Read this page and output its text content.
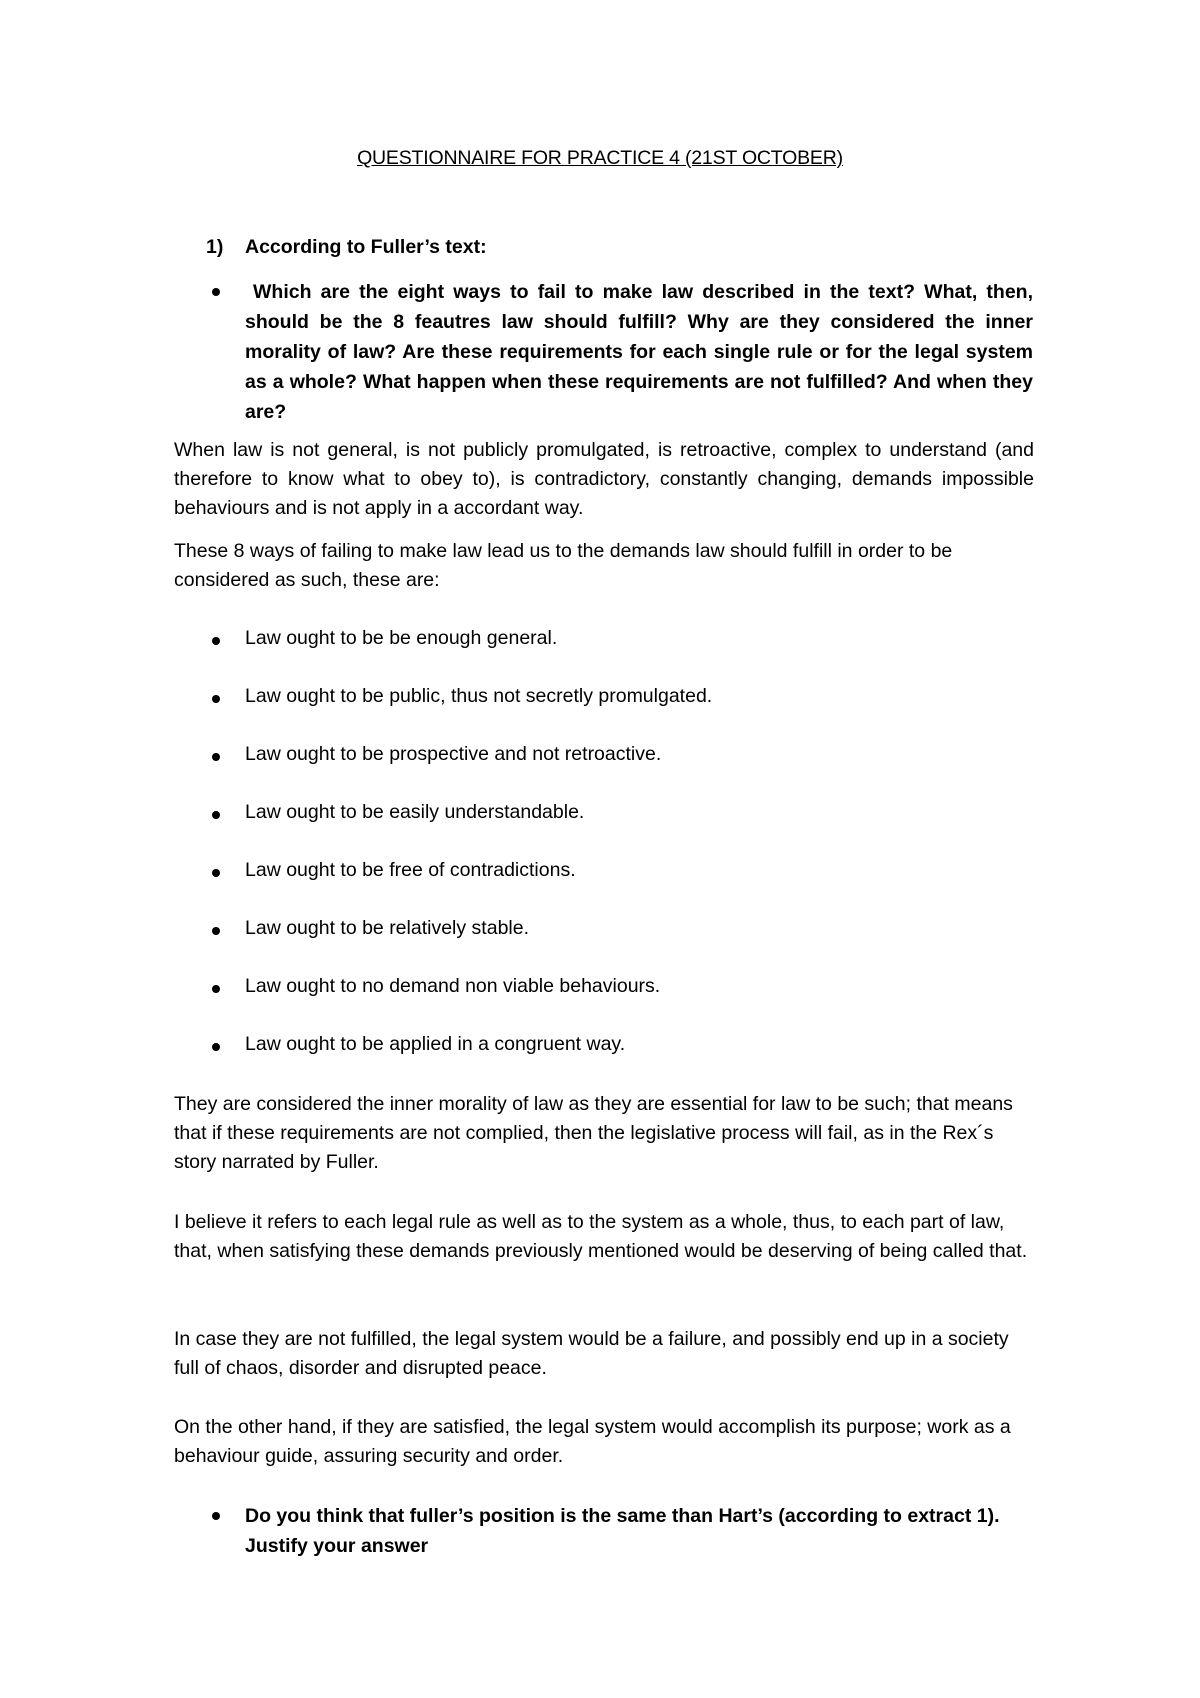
QUESTIONNAIRE FOR PRACTICE 4 (21ST OCTOBER)
1) According to Fuller’s text:
Which are the eight ways to fail to make law described in the text? What, then, should be the 8 feautres law should fulfill? Why are they considered the inner morality of law? Are these requirements for each single rule or for the legal system as a whole? What happen when these requirements are not fulfilled? And when they are?

When law is not general, is not publicly promulgated, is retroactive, complex to understand (and therefore to know what to obey to), is contradictory, constantly changing, demands impossible behaviours and is not apply in a accordant way.

These 8 ways of failing to make law lead us to the demands law should fulfill in order to be considered as such, these are:

Law ought to be be enough general.
Law ought to be public, thus not secretly promulgated.
Law ought to be prospective and not retroactive.
Law ought to be easily understandable.
Law ought to be free of contradictions.
Law ought to be relatively stable.
Law ought to no demand non viable behaviours.
Law ought to be applied in a congruent way.

They are considered the inner morality of law as they are essential for law to be such; that means that if these requirements are not complied, then the legislative process will fail, as in the Rex´s story narrated by Fuller.

I believe it refers to each legal rule as well as to the system as a whole, thus, to each part of law, that, when satisfying these demands previously mentioned would be deserving of being called that.

In case they are not fulfilled, the legal system would be a failure, and possibly end up in a society full of chaos, disorder and disrupted peace.

On the other hand, if they are satisfied, the legal system would accomplish its purpose; work as a behaviour guide, assuring security and order.

Do you think that fuller’s position is the same than Hart’s (according to extract 1). Justify your answer
